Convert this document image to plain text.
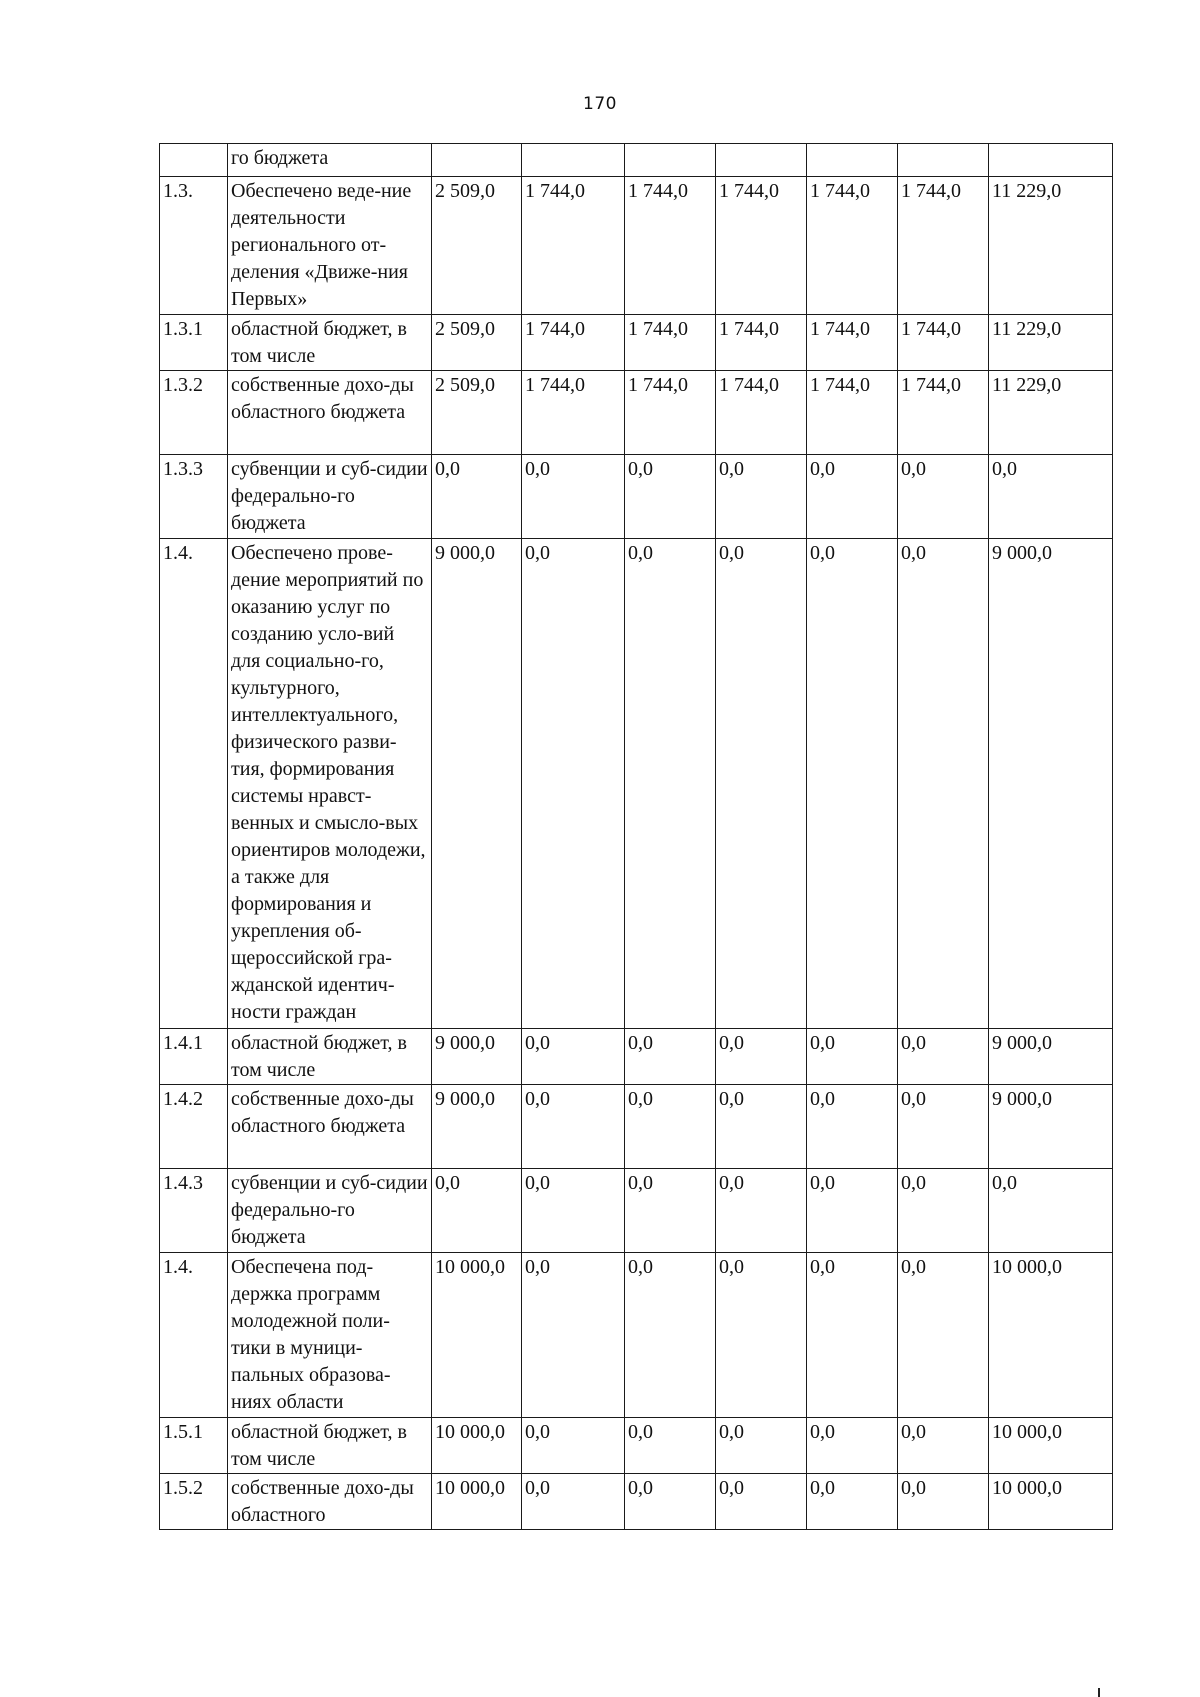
170
	го бюджета							
1.3.	Обеспечено веде-ние деятельности регионального от-деления «Движе-ния Первых»	2 509,0	1 744,0	1 744,0	1 744,0	1 744,0	1 744,0	11 229,0
1.3.1	областной бюджет, в том числе	2 509,0	1 744,0	1 744,0	1 744,0	1 744,0	1 744,0	11 229,0
1.3.2	собственные дохо-ды областного бюджета	2 509,0	1 744,0	1 744,0	1 744,0	1 744,0	1 744,0	11 229,0
1.3.3	субвенции и суб-сидии федерально-го бюджета	0,0	0,0	0,0	0,0	0,0	0,0	0,0
1.4.	Обеспечено прове-дение мероприятий по оказанию услуг по созданию усло-вий для социально-го, культурного, интеллектуального, физического разви-тия, формирования системы нравст-венных и смысло-вых ориентиров молодежи, а также для формирования и укрепления об-щероссийской гра-жданской идентич-ности граждан	9 000,0	0,0	0,0	0,0	0,0	0,0	9 000,0
1.4.1	областной бюджет, в том числе	9 000,0	0,0	0,0	0,0	0,0	0,0	9 000,0
1.4.2	собственные дохо-ды областного бюджета	9 000,0	0,0	0,0	0,0	0,0	0,0	9 000,0
1.4.3	субвенции и суб-сидии федерально-го бюджета	0,0	0,0	0,0	0,0	0,0	0,0	0,0
1.4.	Обеспечена под-держка программ молодежной поли-тики в муници-пальных образова-ниях области	10 000,0	0,0	0,0	0,0	0,0	0,0	10 000,0
1.5.1	областной бюджет, в том числе	10 000,0	0,0	0,0	0,0	0,0	0,0	10 000,0
1.5.2	собственные дохо-ды областного	10 000,0	0,0	0,0	0,0	0,0	0,0	10 000,0
